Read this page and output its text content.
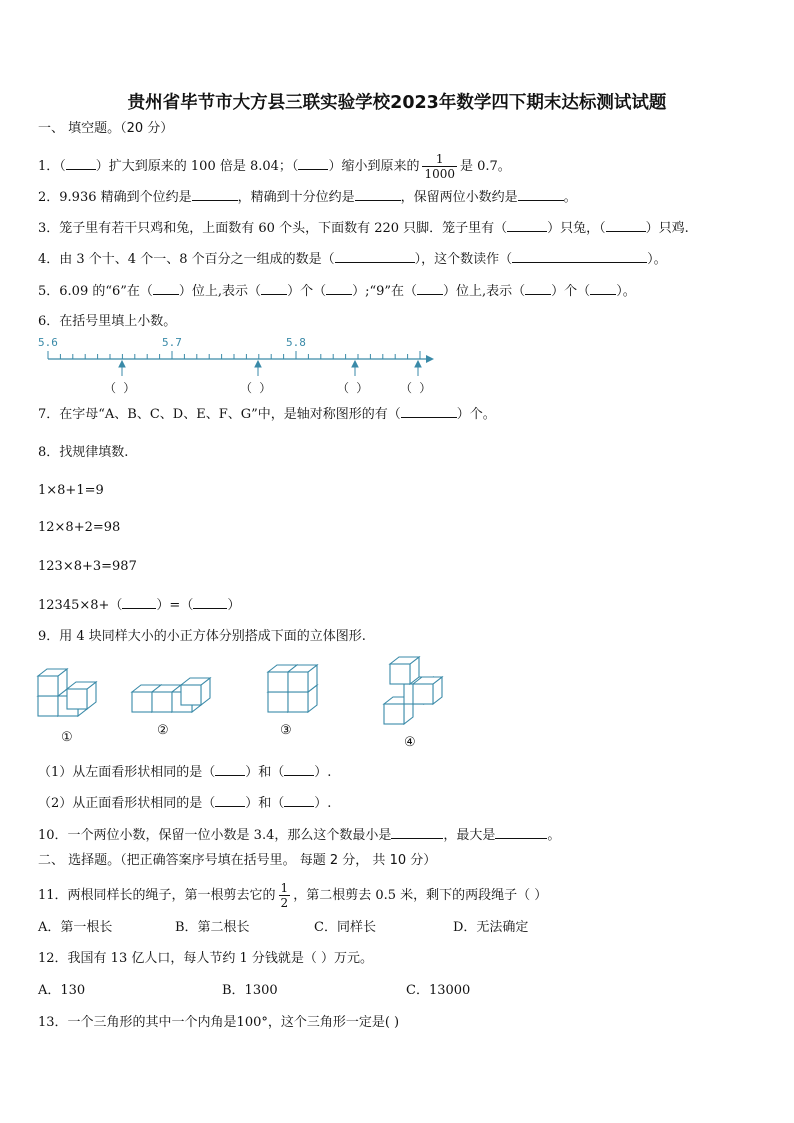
贵州省毕节市大方县三联实验学校2023年数学四下期末达标测试试题
一、 填空题。（20 分）
1．（ ）扩大到原来的 100 倍是 8.04；（ ）缩小到原来的 $\frac{1}{1000}$ 是 0.7。
2．9.936 精确到个位约是	，精确到十分位约是	，保留两位小数约是	。
3．笼子里有若干只鸡和兔，上面数有 60 个头，下面数有 220 只脚．笼子里有（	）只兔，（	）只鸡.
4．由 3 个十、4 个一、8 个百分之一组成的数是（	），这个数读作（	）。
5．6.09 的“6”在（ ）位上,表示（ ）个（ ）;“9”在（ ）位上,表示（ ）个（ ）。
6．在括号里填上小数。
5.6	5.7	5.8
（ ）	（ ）	（ ）	（ ）
7．在字母“A、B、C、D、E、F、G”中，是轴对称图形的有（	）个。
8．找规律填数.
1×8+1=9
12×8+2=98
123×8+3=987
12345×8+（	）=（	）
9．用 4 块同样大小的小正方体分别搭成下面的立体图形.
①	②	③
④
（1）从左面看形状相同的是（ ）和（ ）.
（2）从正面看形状相同的是（ ）和（ ）.
10．一个两位小数，保留一位小数是 3.4，那么这个数最小是	，最大是	。
二、 选择题。（把正确答案序号填在括号里。 每题 2 分， 共 10 分）
11．两根同样长的绳子，第一根剪去它的 $\frac{1}{2}$ ，第二根剪去 0.5 米，剩下的两段绳子（ ）
A．第一根长	B．第二根长	C．同样长	D．无法确定
12．我国有 13 亿人口，每人节约 1 分钱就是（ ）万元。
A．130	B．1300	C．13000
13．一个三角形的其中一个内角是100°，这个三角形一定是( )
